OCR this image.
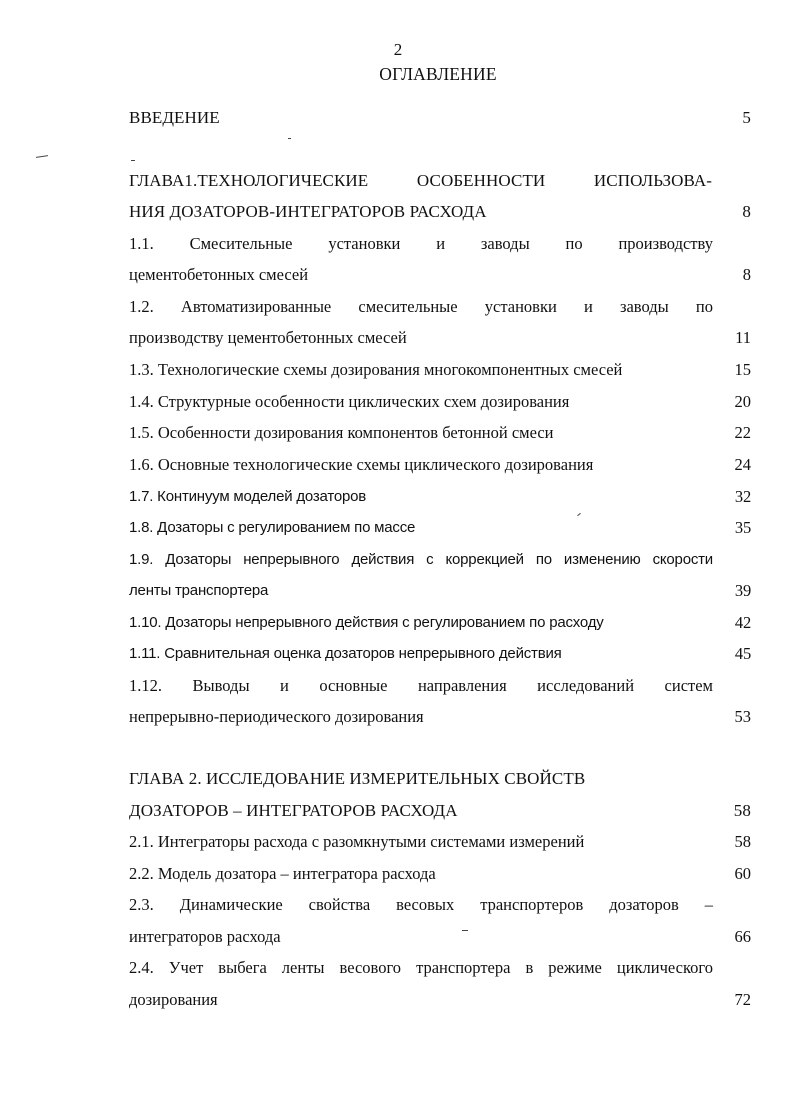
2
ОГЛАВЛЕНИЕ
ВВЕДЕНИЕ	5
ГЛАВА1.ТЕХНОЛОГИЧЕСКИЕ ОСОБЕННОСТИ ИСПОЛЬЗОВА-
НИЯ ДОЗАТОРОВ-ИНТЕГРАТОРОВ РАСХОДА	8
1.1. Смесительные установки и заводы по производству
цементобетонных смесей	8
1.2. Автоматизированные смесительные установки и заводы по
производству цементобетонных смесей	11
1.3. Технологические схемы дозирования многокомпонентных смесей	15
1.4. Структурные особенности циклических схем дозирования	20
1.5. Особенности дозирования компонентов бетонной смеси	22
1.6. Основные технологические схемы циклического дозирования	24
1.7. Континуум моделей дозаторов	32
1.8. Дозаторы с регулированием по массе	35
1.9. Дозаторы непрерывного действия с коррекцией по изменению скорости
ленты транспортера	39
1.10. Дозаторы непрерывного действия с регулированием по расходу	42
1.11. Сравнительная оценка дозаторов непрерывного действия	45
1.12. Выводы и основные направления исследований систем
непрерывно-периодического дозирования	53
ГЛАВА 2. ИССЛЕДОВАНИЕ ИЗМЕРИТЕЛЬНЫХ СВОЙСТВ
ДОЗАТОРОВ – ИНТЕГРАТОРОВ РАСХОДА	58
2.1. Интеграторы расхода с разомкнутыми системами измерений	58
2.2. Модель дозатора – интегратора расхода	60
2.3. Динамические свойства весовых транспортеров дозаторов –
интеграторов расхода	66
2.4. Учет выбега ленты весового транспортера в режиме циклического
дозирования	72
